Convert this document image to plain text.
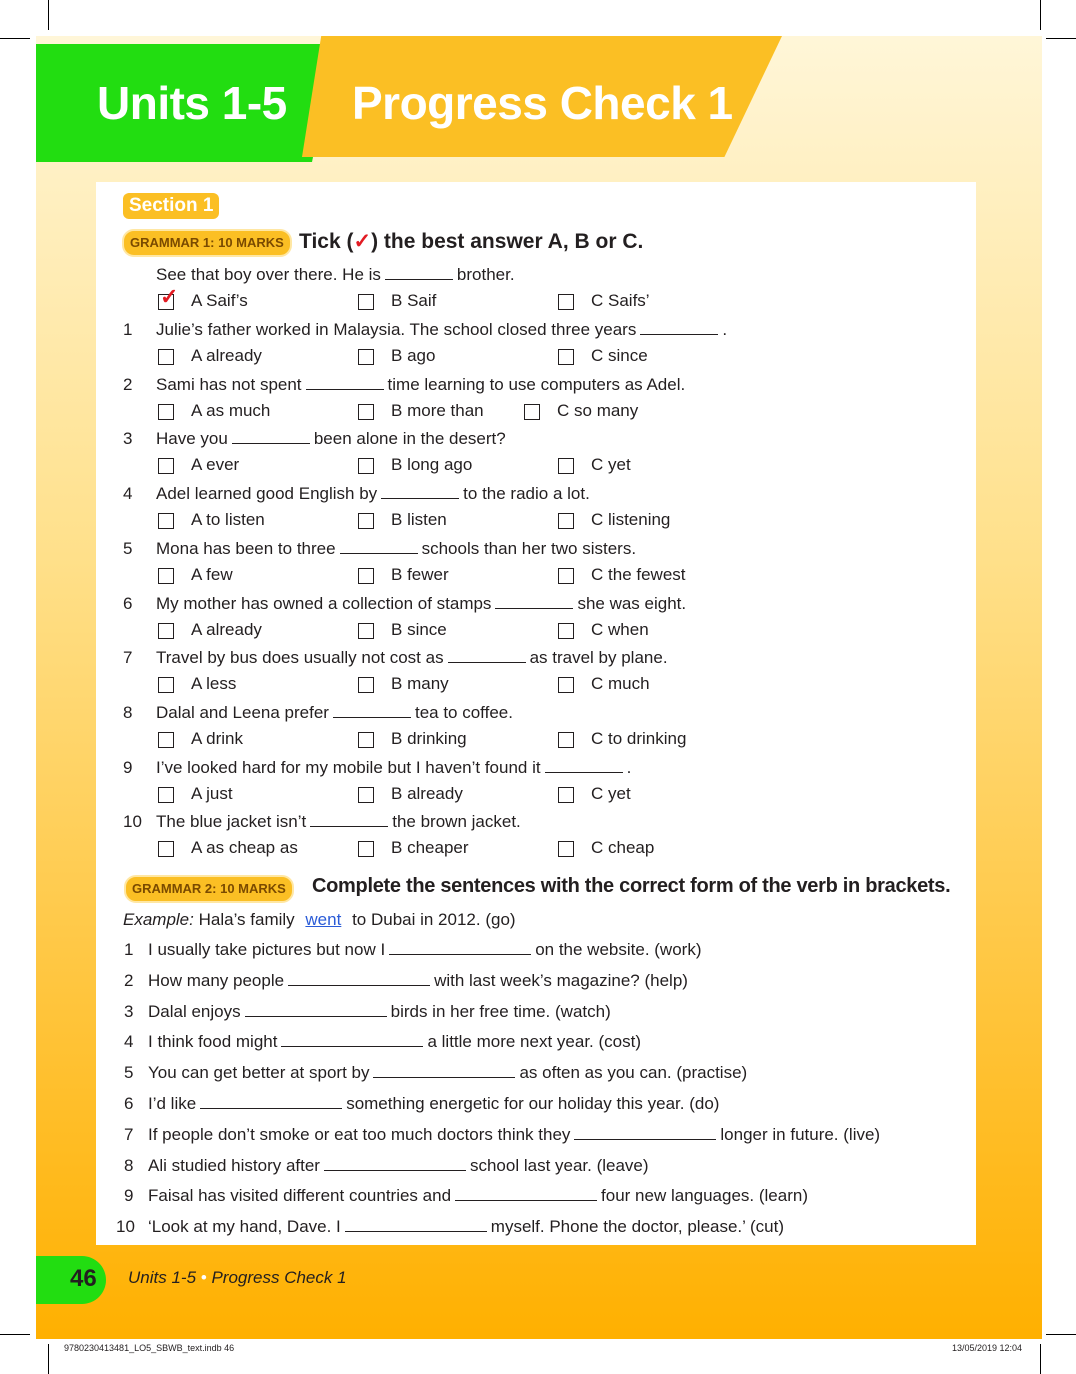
Units 1-5 Progress Check 1
Section 1
GRAMMAR 1: 10 MARKS Tick (✓) the best answer A, B or C.
See that boy over there. He is	brother.
✓ A Saif’s	B Saif	C Saifs’
1	Julie’s father worked in Malaysia. The school closed three years	.
A already	B ago	C since
2	Sami has not spent	time learning to use computers as Adel.
A as much	B more than	C so many
3	Have you	been alone in the desert?
A ever	B long ago	C yet
4	Adel learned good English by	to the radio a lot.
A to listen	B listen	C listening
5	Mona has been to three	schools than her two sisters.
A few	B fewer	C the fewest
6	My mother has owned a collection of stamps	she was eight.
A already	B since	C when
7	Travel by bus does usually not cost as	as travel by plane.
A less	B many	C much
8	Dalal and Leena prefer	tea to coffee.
A drink	B drinking	C to drinking
9	I’ve looked hard for my mobile but I haven’t found it	.
A just	B already	C yet
10 The blue jacket isn’t	the brown jacket.
A as cheap as	B cheaper	C cheap
GRAMMAR 2: 10 MARKS	Complete the sentences with the correct form of the verb in brackets.
Example: Hala’s family went to Dubai in 2012. (go)
1 I usually take pictures but now I	on the website. (work)
2 How many people	with last week’s magazine? (help)
3 Dalal enjoys	birds in her free time. (watch)
4 I think food might	a little more next year. (cost)
5 You can get better at sport by	as often as you can. (practise)
6 I’d like	something energetic for our holiday this year. (do)
7 If people don’t smoke or eat too much doctors think they	longer in future. (live)
8 Ali studied history after	school last year. (leave)
9 Faisal has visited different countries and	four new languages. (learn)
10 ‘Look at my hand, Dave. I	myself. Phone the doctor, please.’ (cut)
46 Units 1-5 • Progress Check 1
9780230413481_LO5_SBWB_text.indb 46	13/05/2019 12:04
